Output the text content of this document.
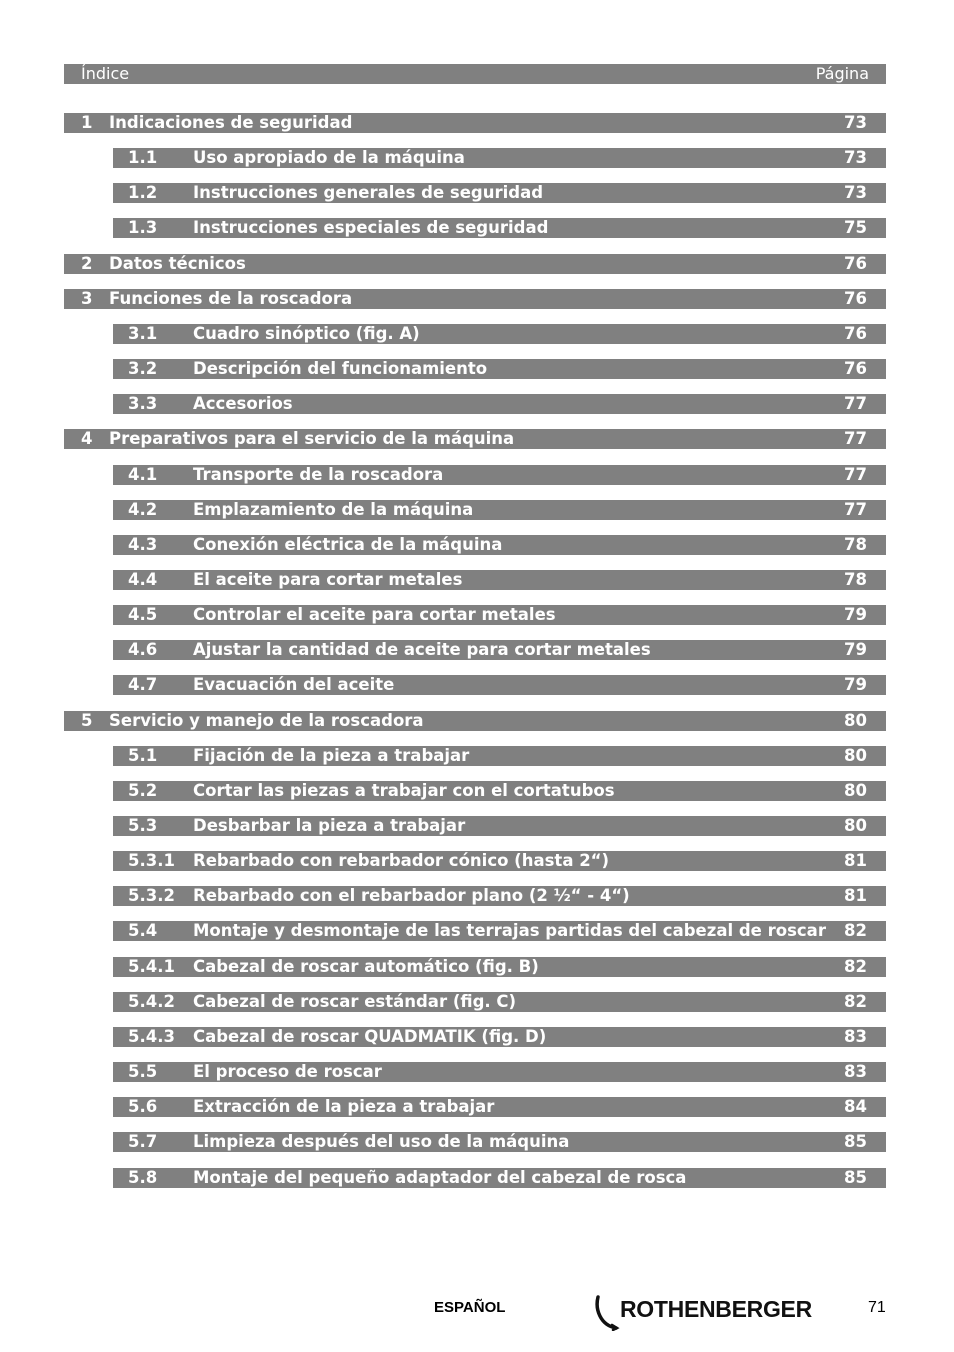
Índice	Página
1 Indicaciones de seguridad	73
1.1 Uso apropiado de la máquina	73
1.2 Instrucciones generales de seguridad	73
1.3 Instrucciones especiales de seguridad	75
2 Datos técnicos	76
3 Funciones de la roscadora	76
3.1 Cuadro sinóptico (fig. A)	76
3.2 Descripción del funcionamiento	76
3.3 Accesorios	77
4 Preparativos para el servicio de la máquina	77
4.1 Transporte de la roscadora	77
4.2 Emplazamiento de la máquina	77
4.3 Conexión eléctrica de la máquina	78
4.4 El aceite para cortar metales	78
4.5 Controlar el aceite para cortar metales	79
4.6 Ajustar la cantidad de aceite para cortar metales	79
4.7 Evacuación del aceite	79
5 Servicio y manejo de la roscadora	80
5.1 Fijación de la pieza a trabajar	80
5.2 Cortar las piezas a trabajar con el cortatubos	80
5.3 Desbarbar la pieza a trabajar	80
5.3.1 Rebarbado con rebarbador cónico (hasta 2“)	81
5.3.2 Rebarbado con el rebarbador plano (2 ½“ - 4“)	81
5.4 Montaje y desmontaje de las terrajas partidas del cabezal de roscar 82
5.4.1 Cabezal de roscar automático (fig. B)	82
5.4.2 Cabezal de roscar estándar (fig. C)	82
5.4.3 Cabezal de roscar QUADMATIK (fig. D)	83
5.5 El proceso de roscar	83
5.6 Extracción de la pieza a trabajar	84
5.7 Limpieza después del uso de la máquina	85
5.8 Montaje del pequeño adaptador del cabezal de rosca	85
ESPAÑOL	ROTHENBERGER	71
